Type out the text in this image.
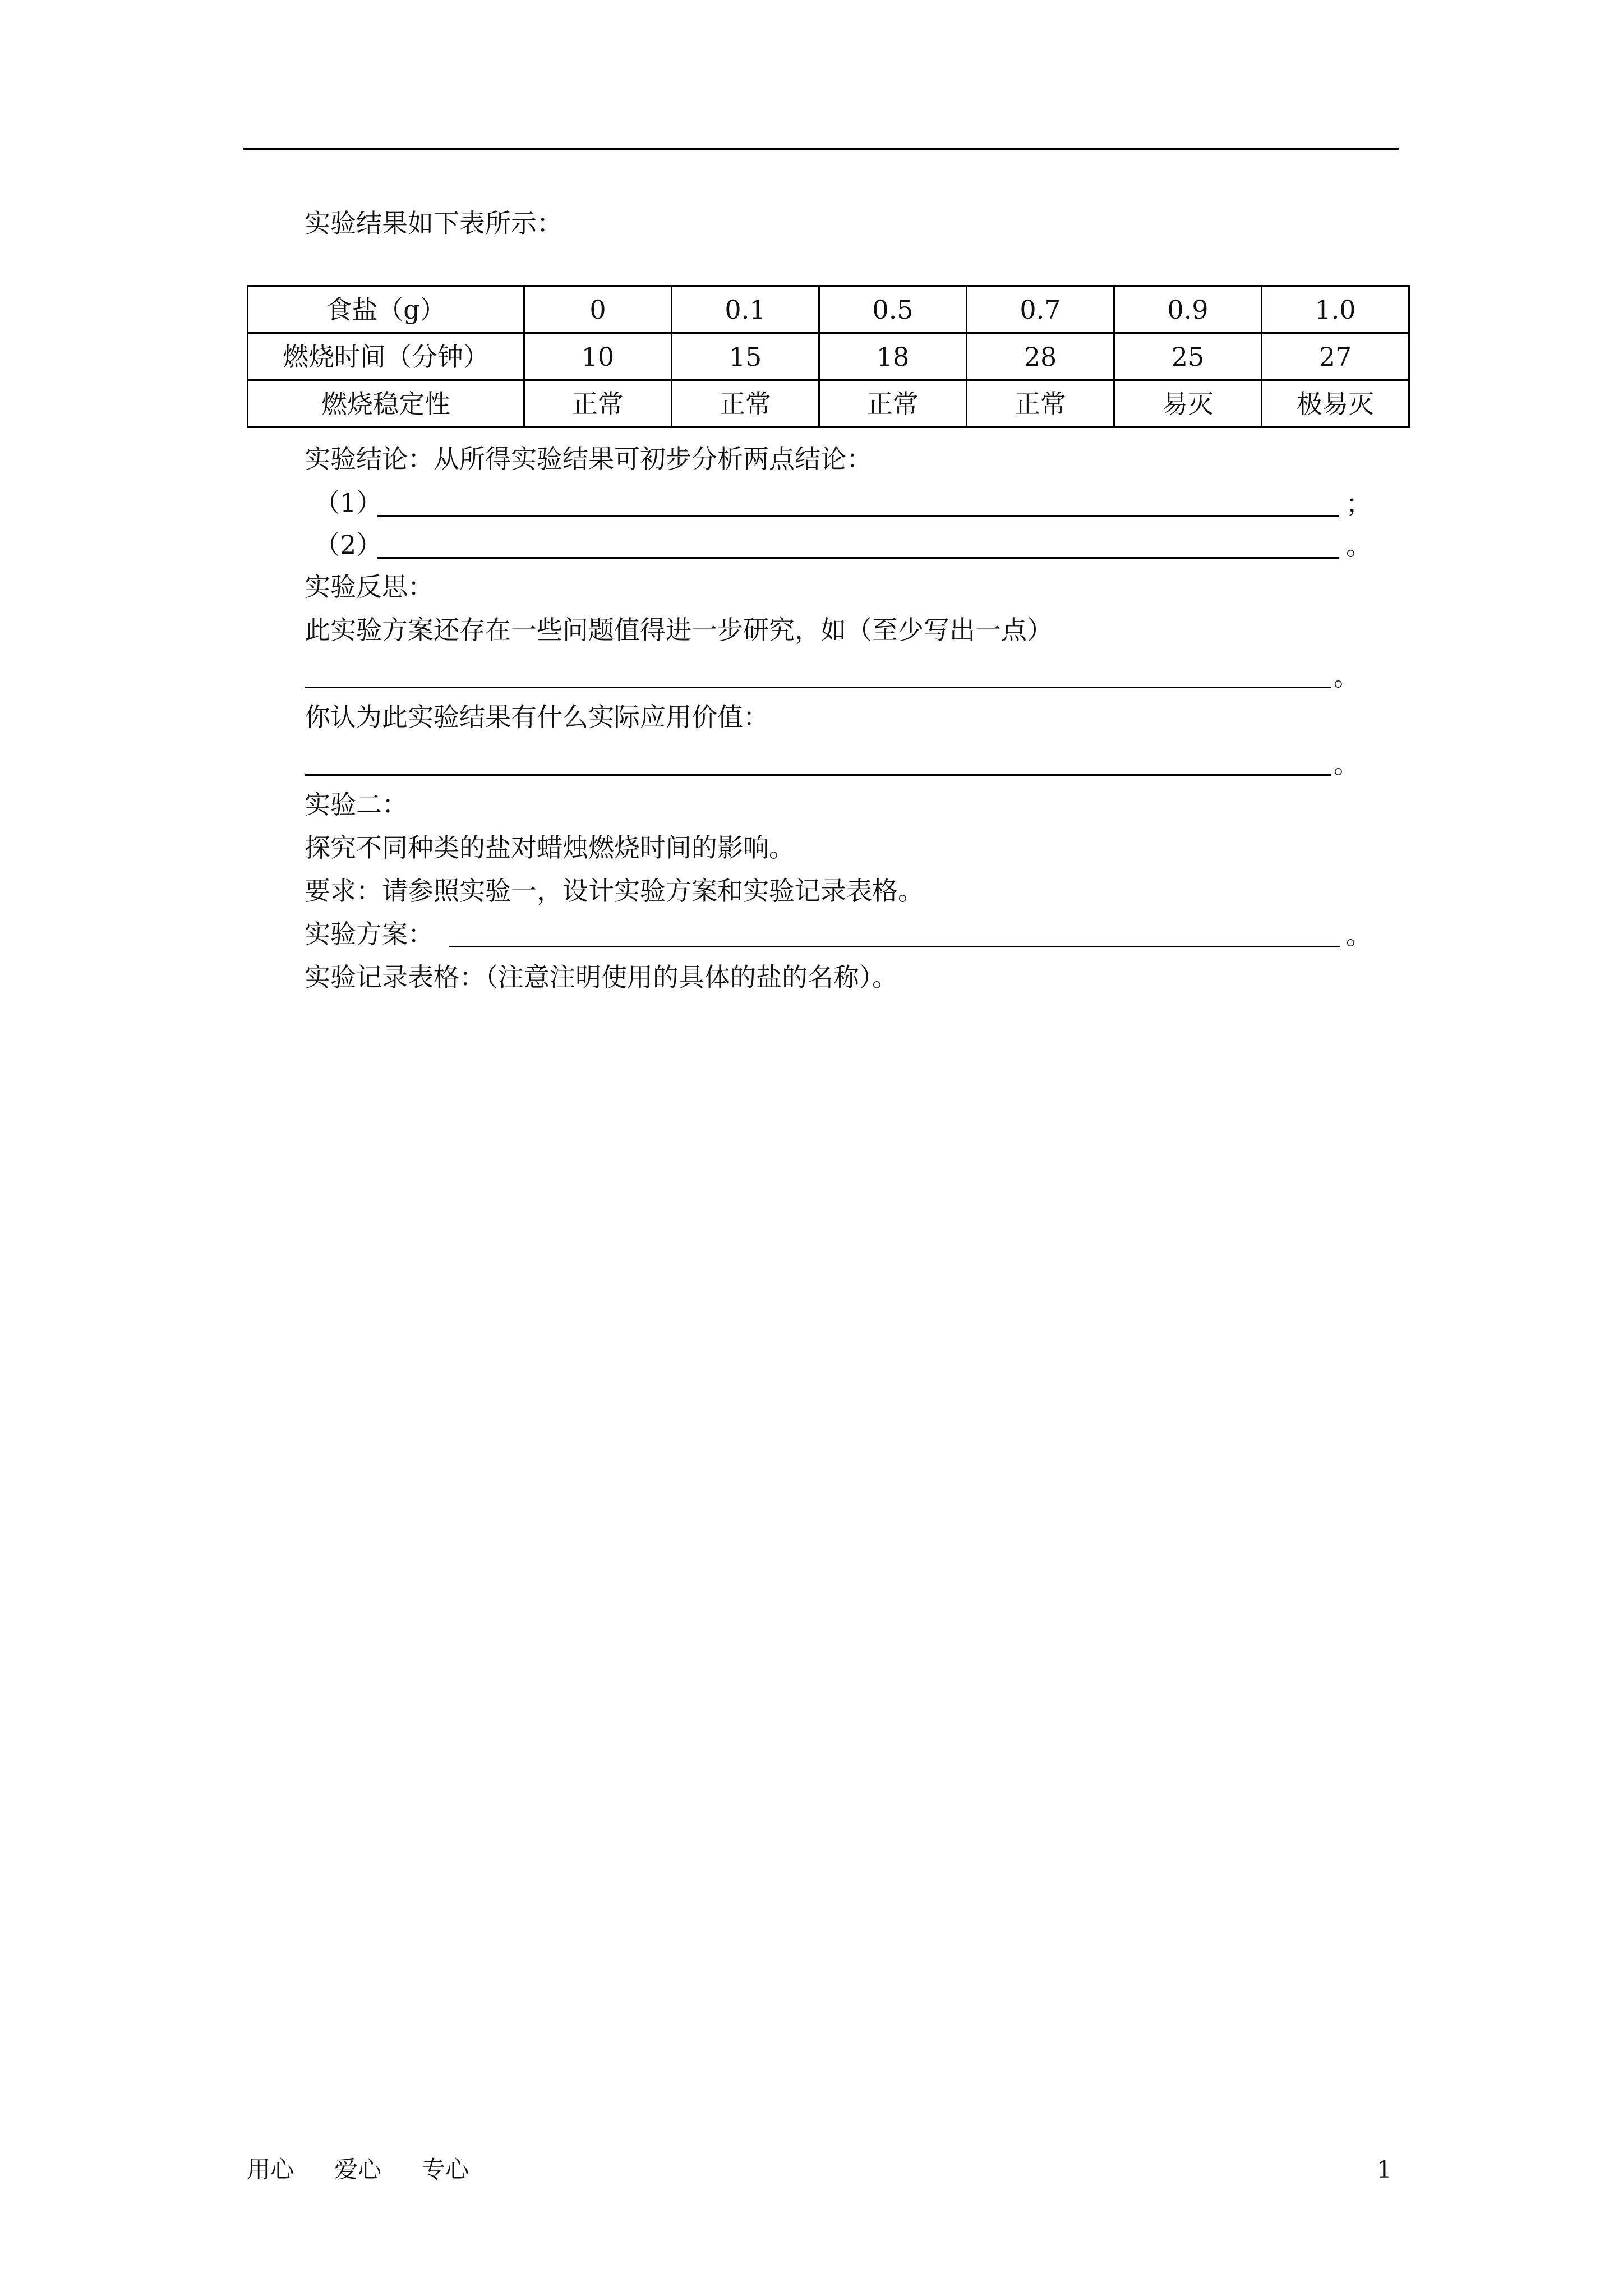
实验结果如下表所示：
食盐（g）	0	0.1	0.5	0.7	0.9	1.0
燃烧时间（分钟）	10	15	18	28	25	27
燃烧稳定性	正常	正常	正常	正常	易灭	极易灭
实验结论：从所得实验结果可初步分析两点结论：
（1）	；
（2）	。
实验反思：
此实验方案还存在一些问题值得进一步研究，如（至少写出一点）
。
你认为此实验结果有什么实际应用价值：
。
实验二：
探究不同种类的盐对蜡烛燃烧时间的影响。
要求：请参照实验一，设计实验方案和实验记录表格。
实验方案：	。
实验记录表格：（注意注明使用的具体的盐的名称）。
用心 爱心 专心	1
